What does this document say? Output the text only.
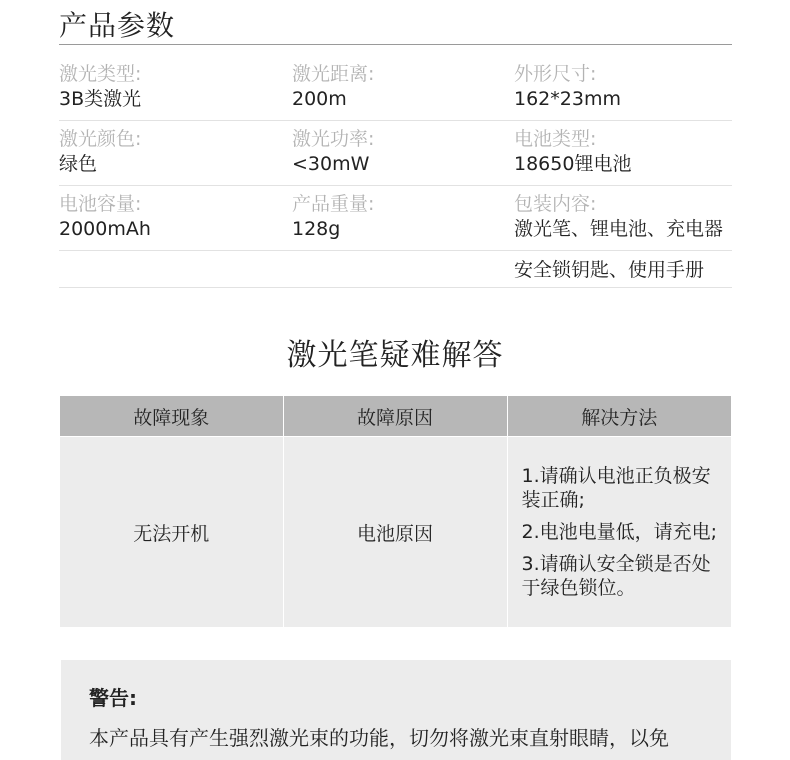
产品参数
激光类型:
3B类激光
激光距离:
200m
外形尺寸:
162*23mm
激光颜色:
绿色
激光功率:
<30mW
电池类型:
18650锂电池
电池容量:
2000mAh
产品重量:
128g
包装内容:
激光笔、锂电池、充电器
安全锁钥匙、使用手册
激光笔疑难解答
故障现象	故障原因	解决方法
无法开机	电池原因	1.请确认电池正负极安装正确;
2.电池电量低，请充电;
3.请确认安全锁是否处于绿色锁位。
警告:
本产品具有产生强烈激光束的功能，切勿将激光束直射眼睛，以免
